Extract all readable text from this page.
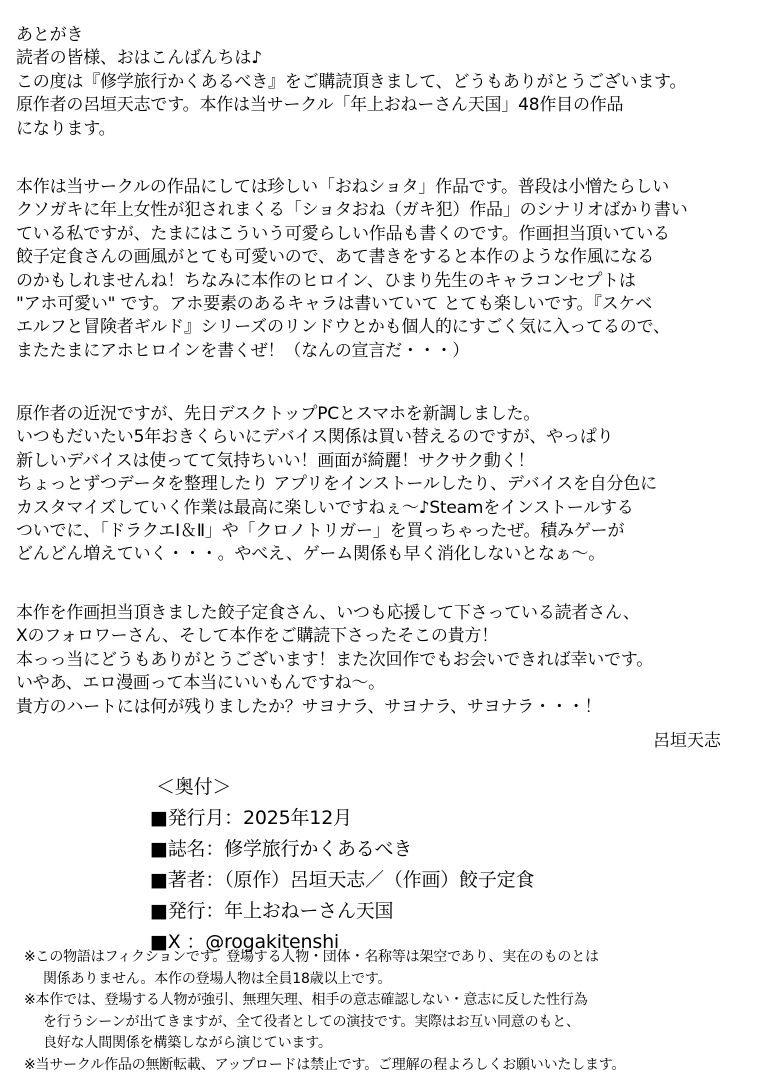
あとがき
読者の皆様、おはこんばんちは♪
この度は『修学旅行かくあるべき』をご購読頂きまして、どうもありがとうございます。
原作者の呂垣天志です。本作は当サークル「年上おねーさん天国」48作目の作品
になります。
本作は当サークルの作品にしては珍しい「おねショタ」作品です。普段は小憎たらしい
クソガキに年上女性が犯されまくる「ショタおね（ガキ犯）作品」のシナリオばかり書い
ている私ですが、たまにはこういう可愛らしい作品も書くのです。作画担当頂いている
餃子定食さんの画風がとても可愛いので、あて書きをすると本作のような作風になる
のかもしれませんね！ちなみに本作のヒロイン、ひまり先生のキャラコンセプトは
"アホ可愛い" です。アホ要素のあるキャラは書いていて とても楽しいです。『スケベ
エルフと冒険者ギルド』シリーズのリンドウとかも個人的にすごく気に入ってるので、
またたまにアホヒロインを書くぜ！（なんの宣言だ・・・）
原作者の近況ですが、先日デスクトップPCとスマホを新調しました。
いつもだいたい5年おきくらいにデバイス関係は買い替えるのですが、やっぱり
新しいデバイスは使ってて気持ちいい！画面が綺麗！サクサク動く！
ちょっとずつデータを整理したり アプリをインストールしたり、デバイスを自分色に
カスタマイズしていく作業は最高に楽しいですねぇ～♪Steamをインストールする
ついでに、「ドラクエⅠ＆Ⅱ」や「クロノトリガー」を買っちゃったぜ。積みゲーが
どんどん増えていく・・・。やべえ、ゲーム関係も早く消化しないとなぁ～。
本作を作画担当頂きました餃子定食さん、いつも応援して下さっている読者さん、
Xのフォロワーさん、そして本作をご購読下さったそこの貴方！
本っっ当にどうもありがとうございます！また次回作でもお会いできれば幸いです。
いやあ、エロ漫画って本当にいいもんですね～。
貴方のハートには何が残りましたか？サヨナラ、サヨナラ、サヨナラ・・・！
呂垣天志
＜奥付＞
■発行月：2025年12月
■誌名：修学旅行かくあるべき
■著者：（原作）呂垣天志／（作画）餃子定食
■発行：年上おねーさん天国
■X ：@rogakitenshi
※この物語はフィクションです。登場する人物・団体・名称等は架空であり、実在のものとは
関係ありません。本作の登場人物は全員18歳以上です。
※本作では、登場する人物が強引、無理矢理、相手の意志確認しない・意志に反した性行為
を行うシーンが出てきますが、全て役者としての演技です。実際はお互い同意のもと、
良好な人間関係を構築しながら演じています。
※当サークル作品の無断転載、アップロードは禁止です。ご理解の程よろしくお願いいたします。
